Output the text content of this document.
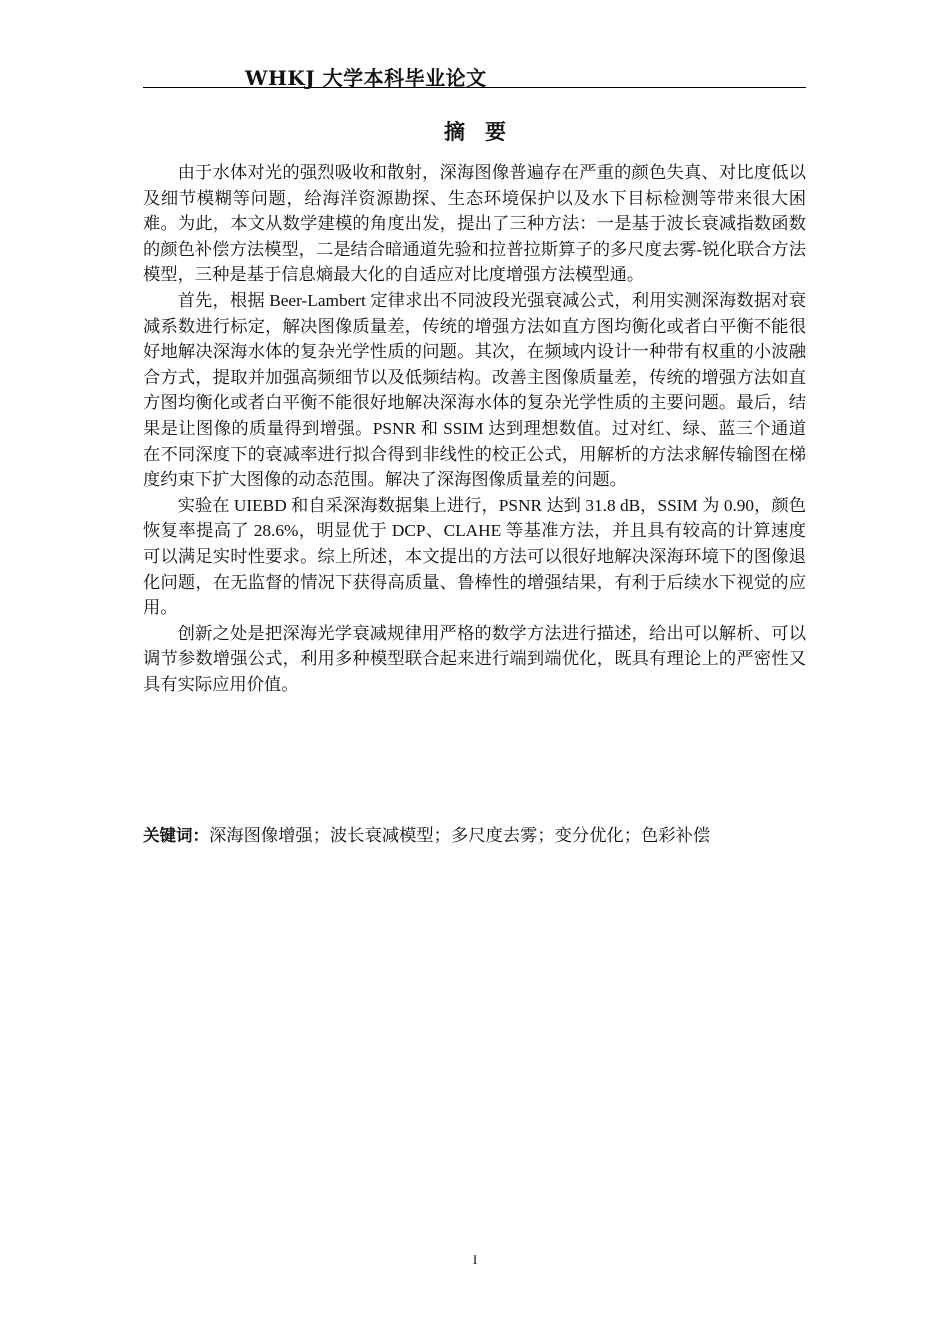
WHKJ 大学本科毕业论文
摘要

由于水体对光的强烈吸收和散射，深海图像普遍存在严重的颜色失真、对比度低以及细节模糊等问题，给海洋资源勘探、生态环境保护以及水下目标检测等带来很大困难。为此，本文从数学建模的角度出发，提出了三种方法：一是基于波长衰减指数函数的颜色补偿方法模型，二是结合暗通道先验和拉普拉斯算子的多尺度去雾-锐化联合方法模型，三种是基于信息熵最大化的自适应对比度增强方法模型通。

首先，根据 Beer-Lambert 定律求出不同波段光强衰减公式，利用实测深海数据对衰减系数进行标定，解决图像质量差，传统的增强方法如直方图均衡化或者白平衡不能很好地解决深海水体的复杂光学性质的问题。其次，在频域内设计一种带有权重的小波融合方式，提取并加强高频细节以及低频结构。改善主图像质量差，传统的增强方法如直方图均衡化或者白平衡不能很好地解决深海水体的复杂光学性质的主要问题。最后，结果是让图像的质量得到增强。PSNR 和 SSIM 达到理想数值。过对红、绿、蓝三个通道在不同深度下的衰减率进行拟合得到非线性的校正公式，用解析的方法求解传输图在梯度约束下扩大图像的动态范围。解决了深海图像质量差的问题。

实验在 UIEBD 和自采深海数据集上进行，PSNR 达到 31.8 dB，SSIM 为 0.90，颜色恢复率提高了 28.6%，明显优于 DCP、CLAHE 等基准方法，并且具有较高的计算速度可以满足实时性要求。综上所述，本文提出的方法可以很好地解决深海环境下的图像退化问题，在无监督的情况下获得高质量、鲁棒性的增强结果，有利于后续水下视觉的应用。

创新之处是把深海光学衰减规律用严格的数学方法进行描述，给出可以解析、可以调节参数增强公式，利用多种模型联合起来进行端到端优化，既具有理论上的严密性又具有实际应用价值。

关键词：深海图像增强；波长衰减模型；多尺度去雾；变分优化；色彩补偿
I
